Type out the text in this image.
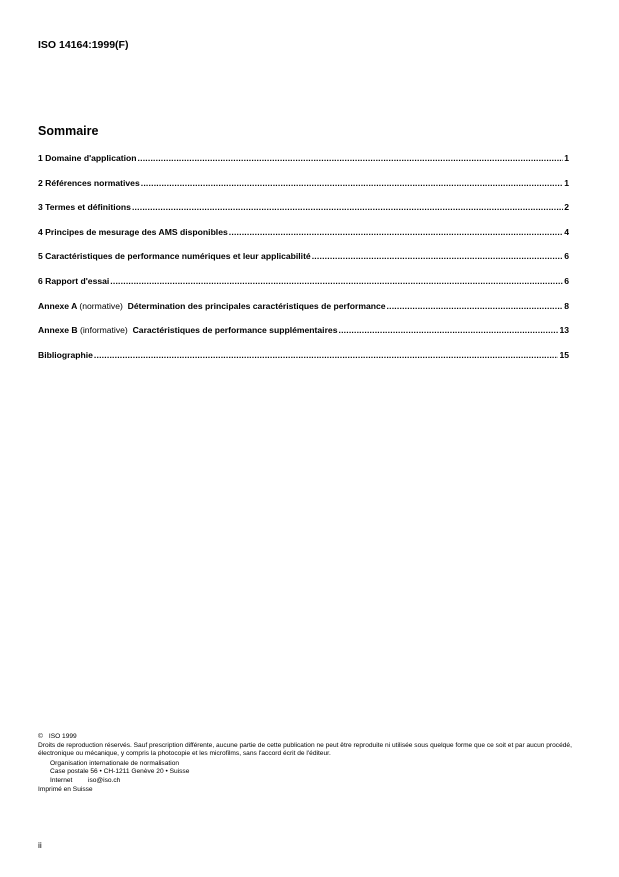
ISO 14164:1999(F)
Sommaire
1 Domaine d'application .....	1
2 Références normatives .....	1
3 Termes et définitions .....	2
4 Principes de mesurage des AMS disponibles .....	4
5 Caractéristiques de performance numériques et leur applicabilité .....	6
6 Rapport d'essai .....	6
Annexe A (normative) Détermination des principales caractéristiques de performance .....	8
Annexe B (informative) Caractéristiques de performance supplémentaires .....	13
Bibliographie .....	15
© ISO 1999
Droits de reproduction réservés. Sauf prescription différente, aucune partie de cette publication ne peut être reproduite ni utilisée sous quelque forme que ce soit et par aucun procédé, électronique ou mécanique, y compris la photocopie et les microfilms, sans l'accord écrit de l'éditeur.
Organisation internationale de normalisation
Case postale 56 • CH-1211 Genève 20 • Suisse
Internet iso@iso.ch
Imprimé en Suisse
ii
